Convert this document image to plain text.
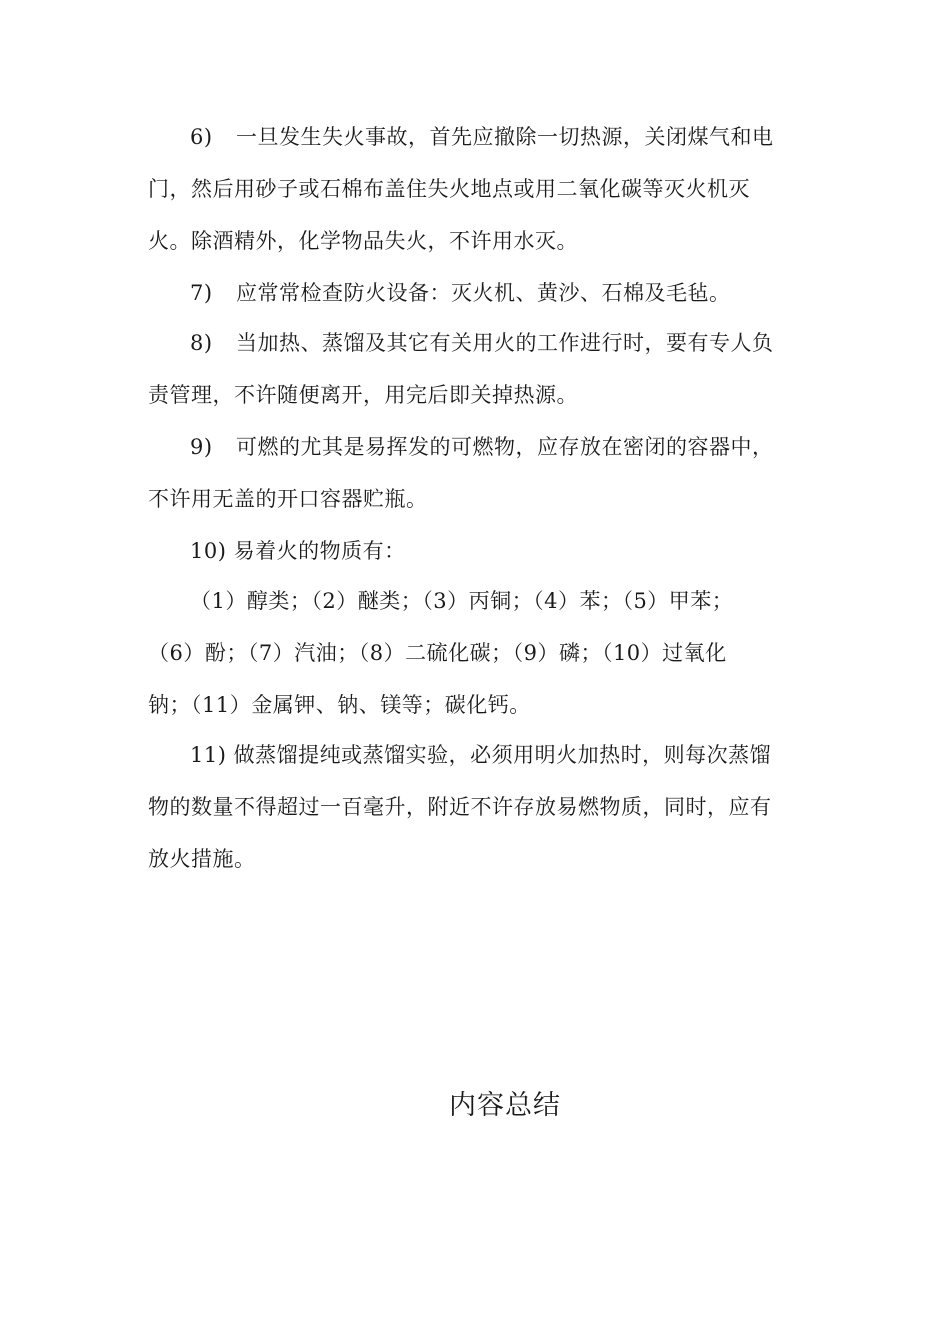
6) 一旦发生失火事故，首先应撤除一切热源，关闭煤气和电
门，然后用砂子或石棉布盖住失火地点或用二氧化碳等灭火机灭
火。除酒精外，化学物品失火，不许用水灭。
7) 应常常检查防火设备：灭火机、黄沙、石棉及毛毡。
8) 当加热、蒸馏及其它有关用火的工作进行时，要有专人负
责管理，不许随便离开，用完后即关掉热源。
9) 可燃的尤其是易挥发的可燃物，应存放在密闭的容器中，
不许用无盖的开口容器贮瓶。
10) 易着火的物质有：
（1）醇类；（2）醚类；（3）丙铜；（4）苯；（5）甲苯；
（6）酚；（7）汽油；（8）二硫化碳；（9）磷；（10）过氧化
钠；（11）金属钾、钠、镁等；碳化钙。
11) 做蒸馏提纯或蒸馏实验，必须用明火加热时，则每次蒸馏
物的数量不得超过一百毫升，附近不许存放易燃物质，同时，应有
放火措施。
内容总结
